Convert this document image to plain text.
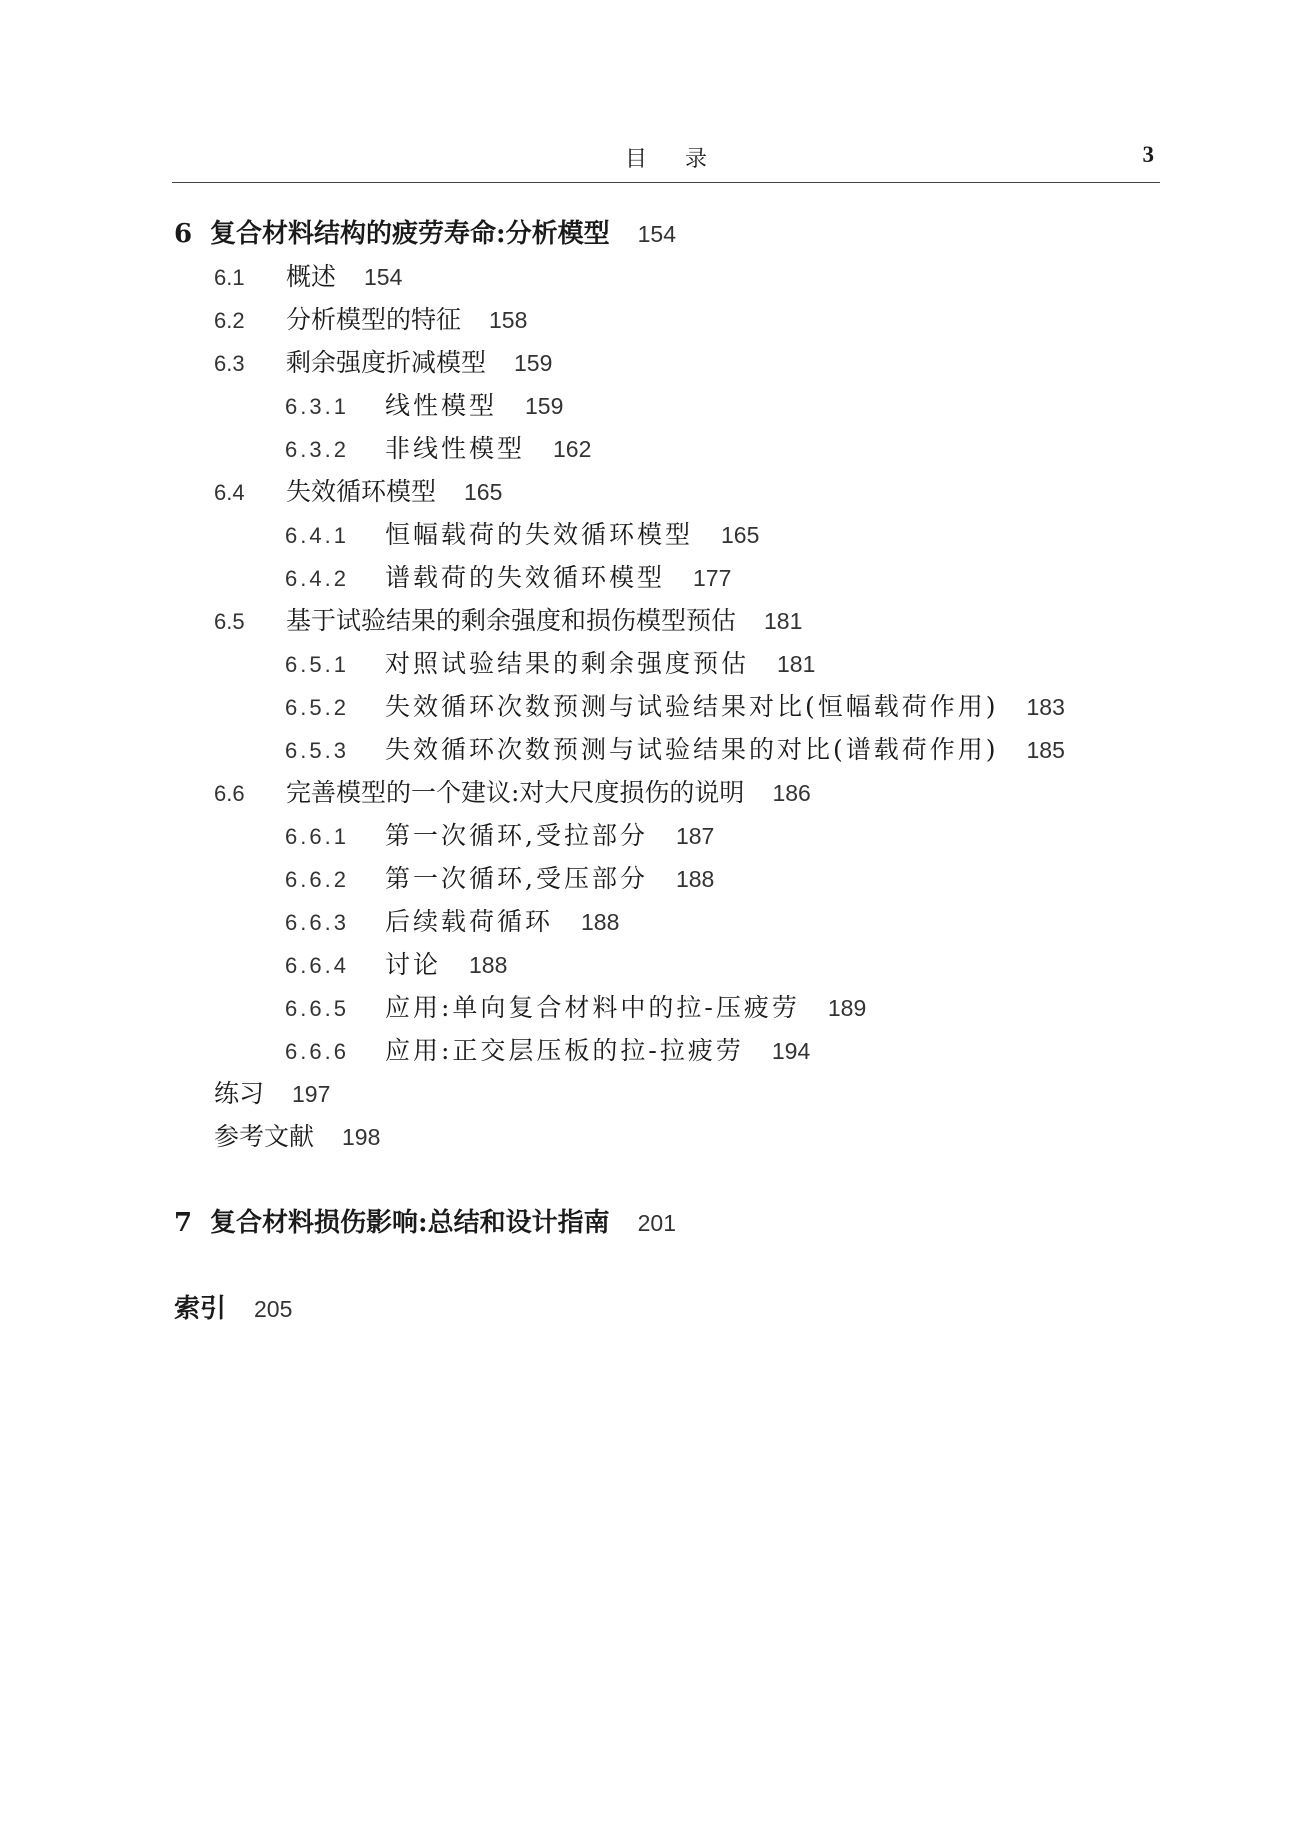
目录	3
6 复合材料结构的疲劳寿命:分析模型 154
6.1 概述 154
6.2 分析模型的特征 158
6.3 剩余强度折减模型 159
6.3.1 线性模型 159
6.3.2 非线性模型 162
6.4 失效循环模型 165
6.4.1 恒幅载荷的失效循环模型 165
6.4.2 谱载荷的失效循环模型 177
6.5 基于试验结果的剩余强度和损伤模型预估 181
6.5.1 对照试验结果的剩余强度预估 181
6.5.2 失效循环次数预测与试验结果对比(恒幅载荷作用) 183
6.5.3 失效循环次数预测与试验结果的对比(谱载荷作用) 185
6.6 完善模型的一个建议:对大尺度损伤的说明 186
6.6.1 第一次循环,受拉部分 187
6.6.2 第一次循环,受压部分 188
6.6.3 后续载荷循环 188
6.6.4 讨论 188
6.6.5 应用:单向复合材料中的拉-压疲劳 189
6.6.6 应用:正交层压板的拉-拉疲劳 194
练习 197
参考文献 198
7 复合材料损伤影响:总结和设计指南 201
索引 205
